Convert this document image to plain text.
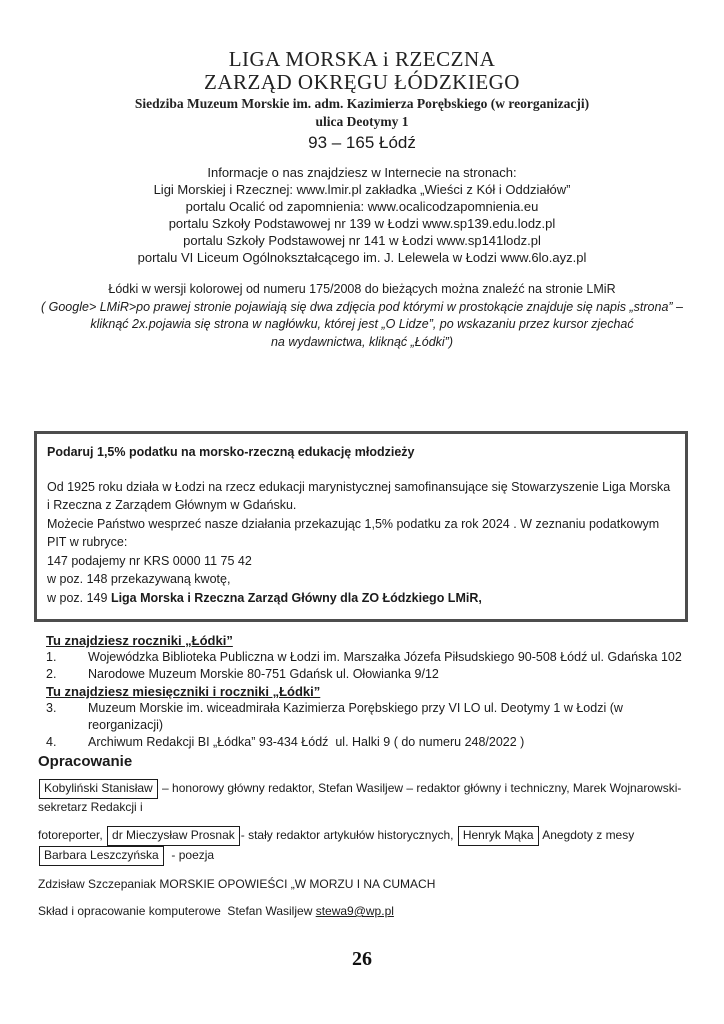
LIGA MORSKA i RZECZNA
ZARZĄD OKRĘGU ŁÓDZKIEGO
Siedziba Muzeum Morskie im. adm. Kazimierza Porębskiego (w reorganizacji)
ulica Deotymy 1
93 – 165 Łódź
Informacje o nas znajdziesz w Internecie na stronach:
Ligi Morskiej i Rzecznej: www.lmir.pl zakładka „Wieści z Kół i Oddziałów”
portalu Ocalić od zapomnienia: www.ocalicodzapomnienia.eu
portalu Szkoły Podstawowej nr 139 w Łodzi www.sp139.edu.lodz.pl
portalu Szkoły Podstawowej nr 141 w Łodzi www.sp141lodz.pl
portalu VI Liceum Ogólnokształcącego im. J. Lelewela w Łodzi www.6lo.ayz.pl
Łódki w wersji kolorowej od numeru 175/2008 do bieżących można znaleźć na stronie LMiR
( Google> LMiR>po prawej stronie pojawiają się dwa zdjęcia pod którymi w prostokącie znajduje się napis „strona” –
kliknąć 2x.pojawia się strona w nagłówku, której jest „O Lidze”, po wskazaniu przez kursor zjechać
na wydawnictwa, kliknąć „Łódki”)
Podaruj 1,5% podatku na morsko-rzeczną edukację młodzieży
Od 1925 roku działa w Łodzi na rzecz edukacji marynistycznej samofinansujące się Stowarzyszenie Liga Morska
i Rzeczna z Zarządem Głównym w Gdańsku.
Możecie Państwo wesprzeć nasze działania przekazując 1,5% podatku za rok 2024 . W zeznaniu podatkowym  PIT w rubryce:
147 podajemy nr KRS 0000 11 75 42
w poz. 148 przekazywaną kwotę,
w poz. 149 Liga Morska i Rzeczna Zarząd Główny dla ZO Łódzkiego LMiR,
Tu znajdziesz roczniki „Łódki”
1.	Wojewódzka Biblioteka Publiczna w Łodzi im. Marszałka Józefa Piłsudskiego 90-508 Łódź ul. Gdańska 102
2.	Narodowe Muzeum Morskie 80-751 Gdańsk ul. Ołowianka 9/12
Tu znajdziesz miesięczniki i roczniki „Łódki”
3.	Muzeum Morskie im. wiceadmirała Kazimierza Porębskiego przy VI LO ul. Deotymy 1 w Łodzi (w reorganizacji)
4.	Archiwum Redakcji BI „Łódka” 93-434 Łódź  ul. Halki 9 ( do numeru 248/2022 )
Opracowanie
Kobyliński Stanisław – honorowy główny redaktor, Stefan Wasiljew – redaktor główny i techniczny, Marek Wojnarowski-sekretarz Redakcji i
fotoreporter, dr Mieczysław Prosnak - stały redaktor artykułów historycznych, Henryk Mąka Anegdoty z mesy Barbara Leszczyńska  - poezja
Zdzisław Szczepaniak MORSKIE OPOWIEŚCI „W MORZU I NA CUMACH
Skład i opracowanie komputerowe  Stefan Wasiljew stewa9@wp.pl
26
